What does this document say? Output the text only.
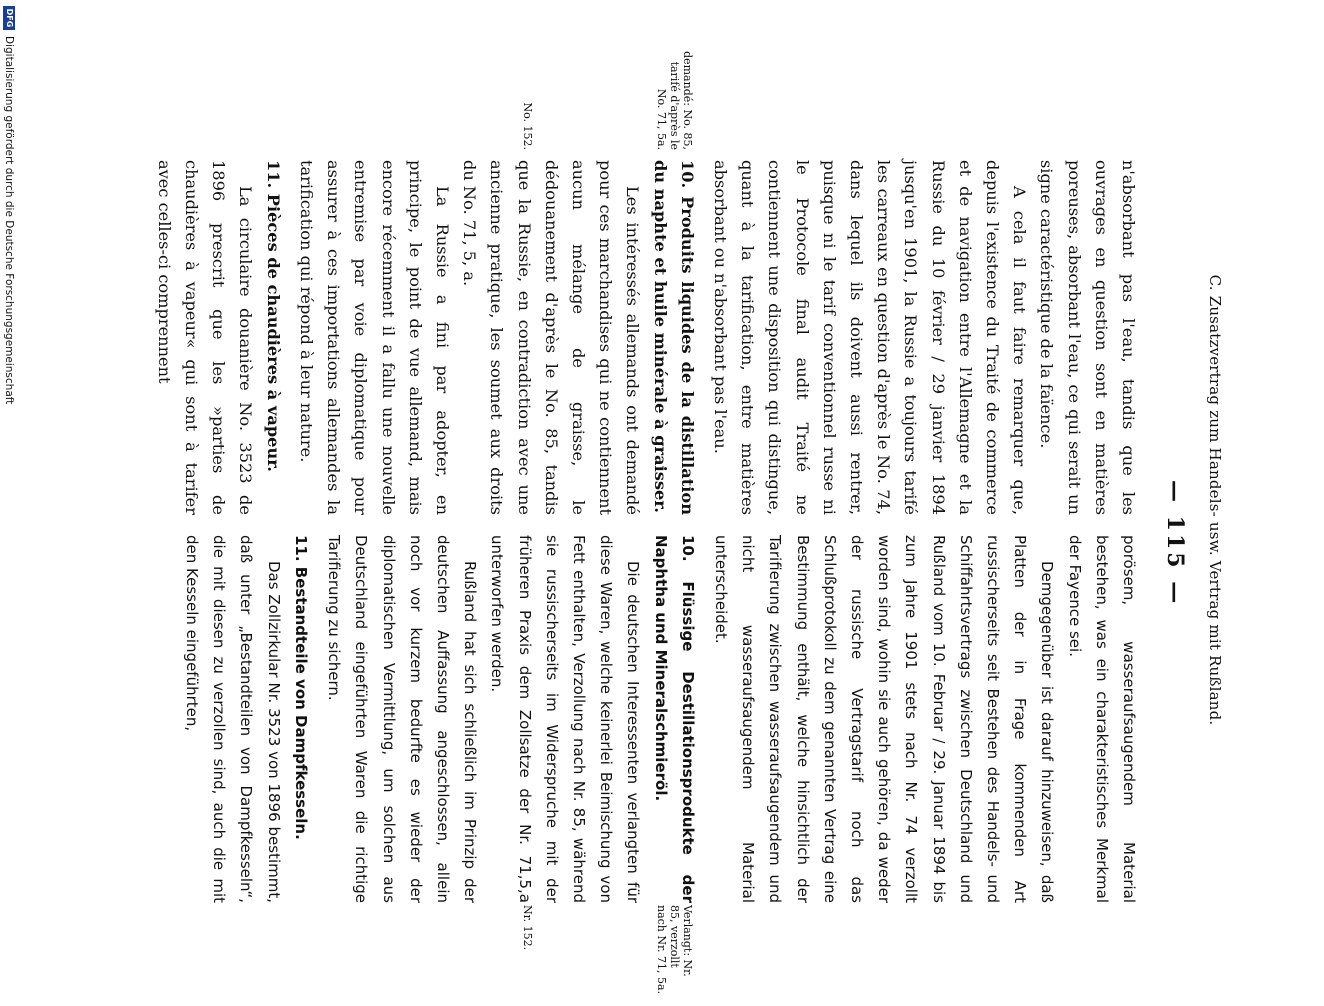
C. Zusatzvertrag zum Handels- usw. Vertrag mit Rußland.
— 115 —

n'absorbant pas l'eau, tandis que les ouvrages en question sont en matières poreuses, absorbant l'eau, ce qui serait un signe caractéristique de la faïence.

A cela il faut faire remarquer que, depuis l'existence du Traité de commerce et de navigation entre l'Allemagne et la Russie du 10 février / 29 janvier 1894 jusqu'en 1901, la Russie a toujours tarifé les carreaux en question d'après le No. 74, dans lequel ils doivent aussi rentrer, puisque ni le tarif conventionnel russe ni le Protocole final audit Traité ne contiennent une disposition qui distingue, quant à la tarification, entre matières absorbant ou n'absorbant pas l'eau.

10. Produits liquides de la distillation du naphte et huile minérale à graisser.

Les intéressés allemands ont demandé pour ces marchandises qui ne contiennent aucun mélange de graisse, le dédouanement d'après le No. 85, tandis que la Russie, en contradiction avec une ancienne pratique, les soumet aux droits du No. 71, 5, a.

La Russie a fini par adopter, en principe, le point de vue allemand, mais encore récemment il a fallu une nouvelle entremise par voie diplomatique pour assurer à ces importations allemandes la tarification qui répond à leur nature.

11. Pièces de chaudières à vapeur.

La circulaire douanière No. 3523 de 1896 prescrit que les »parties de chaudières à vapeur« qui sont à tarifer avec celles-ci comprennent

porösem, wasseraufsaugendem Material bestehen, was ein charakteristisches Merkmal der Fayence sei.

Demgegenüber ist darauf hinzuweisen, daß Platten der in Frage kommenden Art russischerseits seit Bestehen des Handels- und Schiffahrtsvertrags zwischen Deutschland und Rußland vom 10. Februar / 29. Januar 1894 bis zum Jahre 1901 stets nach Nr. 74 verzollt worden sind, wohin sie auch gehören, da weder der russische Vertragstarif noch das Schlußprotokoll zu dem genannten Vertrag eine Bestimmung enthält, welche hinsichtlich der Tarifierung zwischen wasseraufsaugendem und nicht wasseraufsaugendem Material unterscheidet.

10. Flüssige Destillationsprodukte der Naphtha und Mineralschmieröl.

Die deutschen Interessenten verlangten für diese Waren, welche keinerlei Beimischung von Fett enthalten, Verzollung nach Nr. 85, während sie russischerseits im Widerspruche mit der früheren Praxis dem Zollsatze der Nr. 71,5,a unterworfen werden.

Rußland hat sich schließlich im Prinzip der deutschen Auffassung angeschlossen, allein noch vor kurzem bedurfte es wieder der diplomatischen Vermittlung, um solchen aus Deutschland eingeführten Waren die richtige Tarifierung zu sichern.

11. Bestandteile von Dampfkesseln.

Das Zollzirkular Nr. 3523 von 1896 bestimmt, daß unter „Bestandteilen von Dampfkesseln“, die mit diesen zu verzollen sind, auch die mit den Kesseln eingeführten,

demandé: No. 85, tarifé d'après le No. 71, 5a.
No. 152.
Verlangt: Nr. 85, verzollt nach Nr. 71, 5a.
Nr. 152.
DFG
Digitalisierung gefördert durch die Deutsche Forschungsgemeinschaft
